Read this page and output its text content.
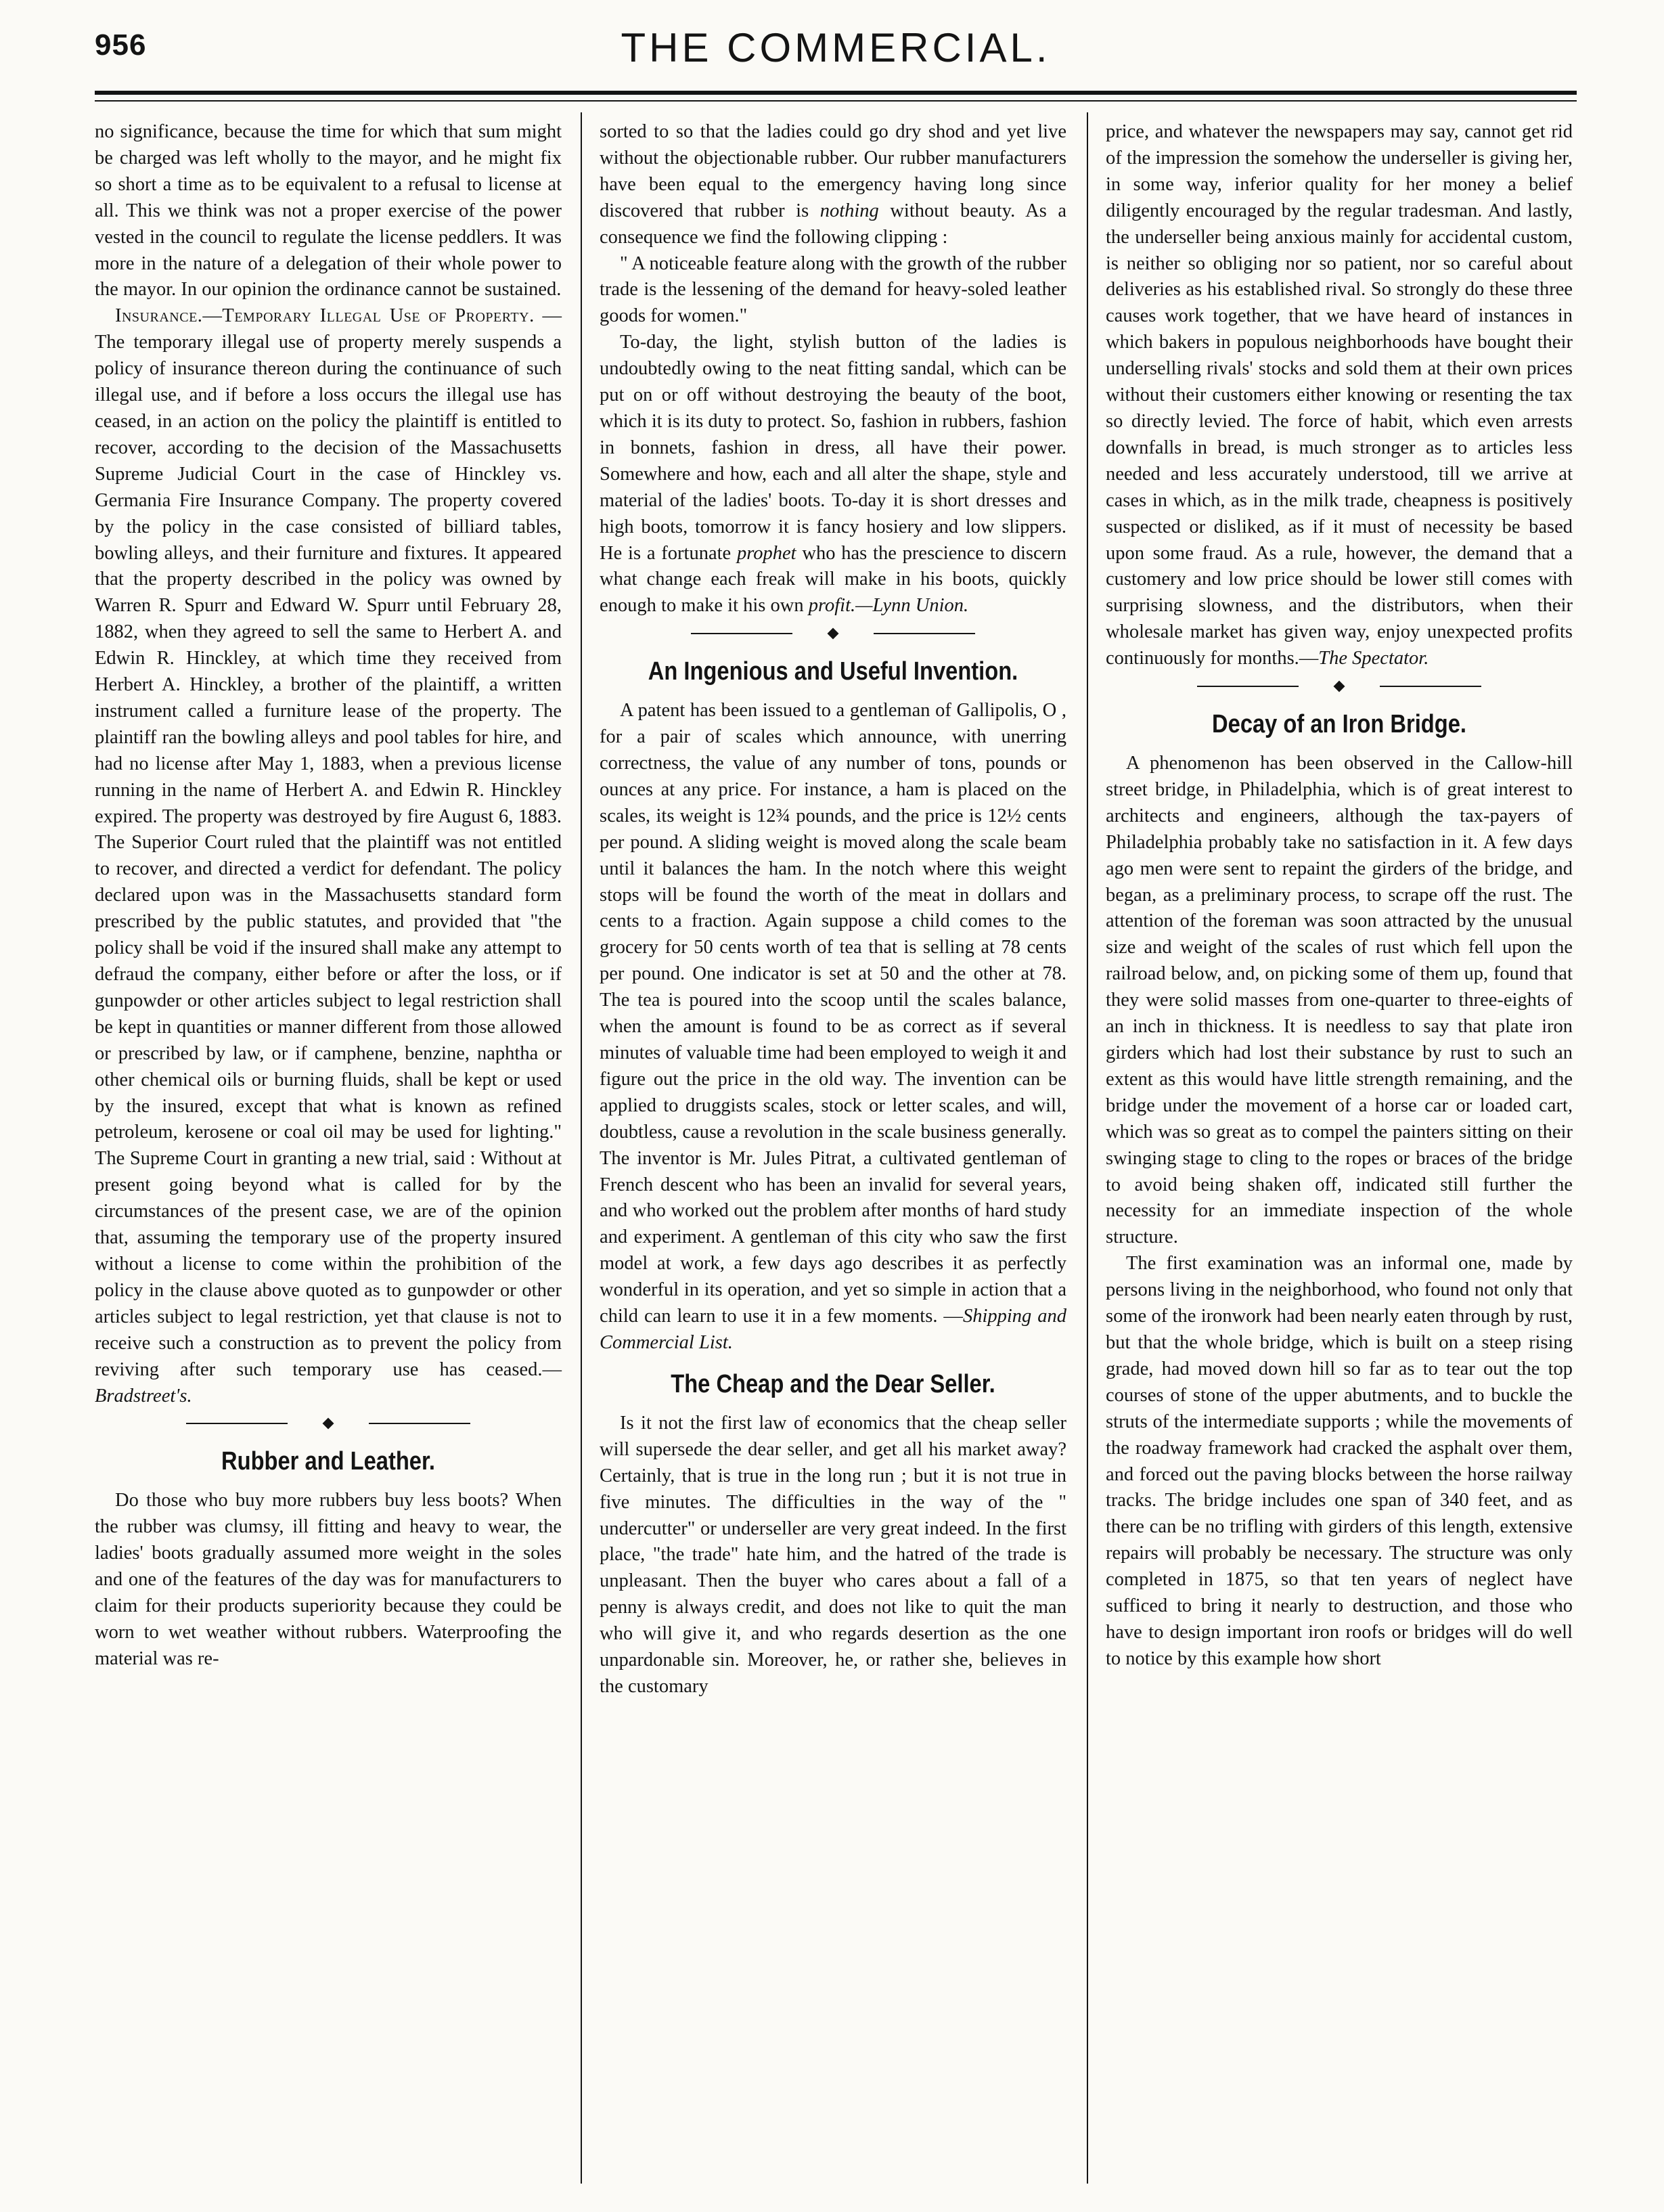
956	THE COMMERCIAL.

no significance, because the time for which that sum might be charged was left wholly to the mayor, and he might fix so short a time as to be equivalent to a refusal to license at all. This we think was not a proper exercise of the power vested in the council to regulate the license peddlers. It was more in the nature of a delegation of their whole power to the mayor. In our opinion the ordinance cannot be sustained.

Insurance.—Temporary Illegal Use of Property. —The temporary illegal use of property merely suspends a policy of insurance thereon during the continuance of such illegal use, and if before a loss occurs the illegal use has ceased, in an action on the policy the plaintiff is entitled to recover, according to the decision of the Massachusetts Supreme Judicial Court in the case of Hinckley vs. Germania Fire Insurance Company. The property covered by the policy in the case consisted of billiard tables, bowling alleys, and their furniture and fixtures. It appeared that the property described in the policy was owned by Warren R. Spurr and Edward W. Spurr until February 28, 1882, when they agreed to sell the same to Herbert A. and Edwin R. Hinckley, at which time they received from Herbert A. Hinckley, a brother of the plaintiff, a written instrument called a furniture lease of the property. The plaintiff ran the bowling alleys and pool tables for hire, and had no license after May 1, 1883, when a previous license running in the name of Herbert A. and Edwin R. Hinckley expired. The property was destroyed by fire August 6, 1883. The Superior Court ruled that the plaintiff was not entitled to recover, and directed a verdict for defendant. The policy declared upon was in the Massachusetts standard form prescribed by the public statutes, and provided that "the policy shall be void if the insured shall make any attempt to defraud the company, either before or after the loss, or if gunpowder or other articles subject to legal restriction shall be kept in quantities or manner different from those allowed or prescribed by law, or if camphene, benzine, naphtha or other chemical oils or burning fluids, shall be kept or used by the insured, except that what is known as refined petroleum, kerosene or coal oil may be used for lighting." The Supreme Court in granting a new trial, said : Without at present going beyond what is called for by the circumstances of the present case, we are of the opinion that, assuming the temporary use of the property insured without a license to come within the prohibition of the policy in the clause above quoted as to gunpowder or other articles subject to legal restriction, yet that clause is not to receive such a construction as to prevent the policy from reviving after such temporary use has ceased.—Bradstreet's.

Rubber and Leather.

Do those who buy more rubbers buy less boots? When the rubber was clumsy, ill fitting and heavy to wear, the ladies' boots gradually assumed more weight in the soles and one of the features of the day was for manufacturers to claim for their products superiority because they could be worn to wet weather without rubbers. Waterproofing the material was re-

sorted to so that the ladies could go dry shod and yet live without the objectionable rubber. Our rubber manufacturers have been equal to the emergency having long since discovered that rubber is nothing without beauty. As a consequence we find the following clipping :

" A noticeable feature along with the growth of the rubber trade is the lessening of the demand for heavy-soled leather goods for women."

To-day, the light, stylish button of the ladies is undoubtedly owing to the neat fitting sandal, which can be put on or off without destroying the beauty of the boot, which it is its duty to protect. So, fashion in rubbers, fashion in bonnets, fashion in dress, all have their power. Somewhere and how, each and all alter the shape, style and material of the ladies' boots. To-day it is short dresses and high boots, tomorrow it is fancy hosiery and low slippers. He is a fortunate prophet who has the prescience to discern what change each freak will make in his boots, quickly enough to make it his own profit.—Lynn Union.

An Ingenious and Useful Invention.

A patent has been issued to a gentleman of Gallipolis, O , for a pair of scales which announce, with unerring correctness, the value of any number of tons, pounds or ounces at any price. For instance, a ham is placed on the scales, its weight is 12¾ pounds, and the price is 12½ cents per pound. A sliding weight is moved along the scale beam until it balances the ham. In the notch where this weight stops will be found the worth of the meat in dollars and cents to a fraction. Again suppose a child comes to the grocery for 50 cents worth of tea that is selling at 78 cents per pound. One indicator is set at 50 and the other at 78. The tea is poured into the scoop until the scales balance, when the amount is found to be as correct as if several minutes of valuable time had been employed to weigh it and figure out the price in the old way. The invention can be applied to druggists scales, stock or letter scales, and will, doubtless, cause a revolution in the scale business generally. The inventor is Mr. Jules Pitrat, a cultivated gentleman of French descent who has been an invalid for several years, and who worked out the problem after months of hard study and experiment. A gentleman of this city who saw the first model at work, a few days ago describes it as perfectly wonderful in its operation, and yet so simple in action that a child can learn to use it in a few moments. —Shipping and Commercial List.

The Cheap and the Dear Seller.

Is it not the first law of economics that the cheap seller will supersede the dear seller, and get all his market away? Certainly, that is true in the long run ; but it is not true in five minutes. The difficulties in the way of the " undercutter" or underseller are very great indeed. In the first place, "the trade" hate him, and the hatred of the trade is unpleasant. Then the buyer who cares about a fall of a penny is always credit, and does not like to quit the man who will give it, and who regards desertion as the one unpardonable sin. Moreover, he, or rather she, believes in the customary

price, and whatever the newspapers may say, cannot get rid of the impression the somehow the underseller is giving her, in some way, inferior quality for her money a belief diligently encouraged by the regular tradesman. And lastly, the underseller being anxious mainly for accidental custom, is neither so obliging nor so patient, nor so careful about deliveries as his established rival. So strongly do these three causes work together, that we have heard of instances in which bakers in populous neighborhoods have bought their underselling rivals' stocks and sold them at their own prices without their customers either knowing or resenting the tax so directly levied. The force of habit, which even arrests downfalls in bread, is much stronger as to articles less needed and less accurately understood, till we arrive at cases in which, as in the milk trade, cheapness is positively suspected or disliked, as if it must of necessity be based upon some fraud. As a rule, however, the demand that a customery and low price should be lower still comes with surprising slowness, and the distributors, when their wholesale market has given way, enjoy unexpected profits continuously for months.—The Spectator.

Decay of an Iron Bridge.

A phenomenon has been observed in the Callow-hill street bridge, in Philadelphia, which is of great interest to architects and engineers, although the tax-payers of Philadelphia probably take no satisfaction in it. A few days ago men were sent to repaint the girders of the bridge, and began, as a preliminary process, to scrape off the rust. The attention of the foreman was soon attracted by the unusual size and weight of the scales of rust which fell upon the railroad below, and, on picking some of them up, found that they were solid masses from one-quarter to three-eights of an inch in thickness. It is needless to say that plate iron girders which had lost their substance by rust to such an extent as this would have little strength remaining, and the bridge under the movement of a horse car or loaded cart, which was so great as to compel the painters sitting on their swinging stage to cling to the ropes or braces of the bridge to avoid being shaken off, indicated still further the necessity for an immediate inspection of the whole structure.

The first examination was an informal one, made by persons living in the neighborhood, who found not only that some of the ironwork had been nearly eaten through by rust, but that the whole bridge, which is built on a steep rising grade, had moved down hill so far as to tear out the top courses of stone of the upper abutments, and to buckle the struts of the intermediate supports ; while the movements of the roadway framework had cracked the asphalt over them, and forced out the paving blocks between the horse railway tracks. The bridge includes one span of 340 feet, and as there can be no trifling with girders of this length, extensive repairs will probably be necessary. The structure was only completed in 1875, so that ten years of neglect have sufficed to bring it nearly to destruction, and those who have to design important iron roofs or bridges will do well to notice by this example how short
